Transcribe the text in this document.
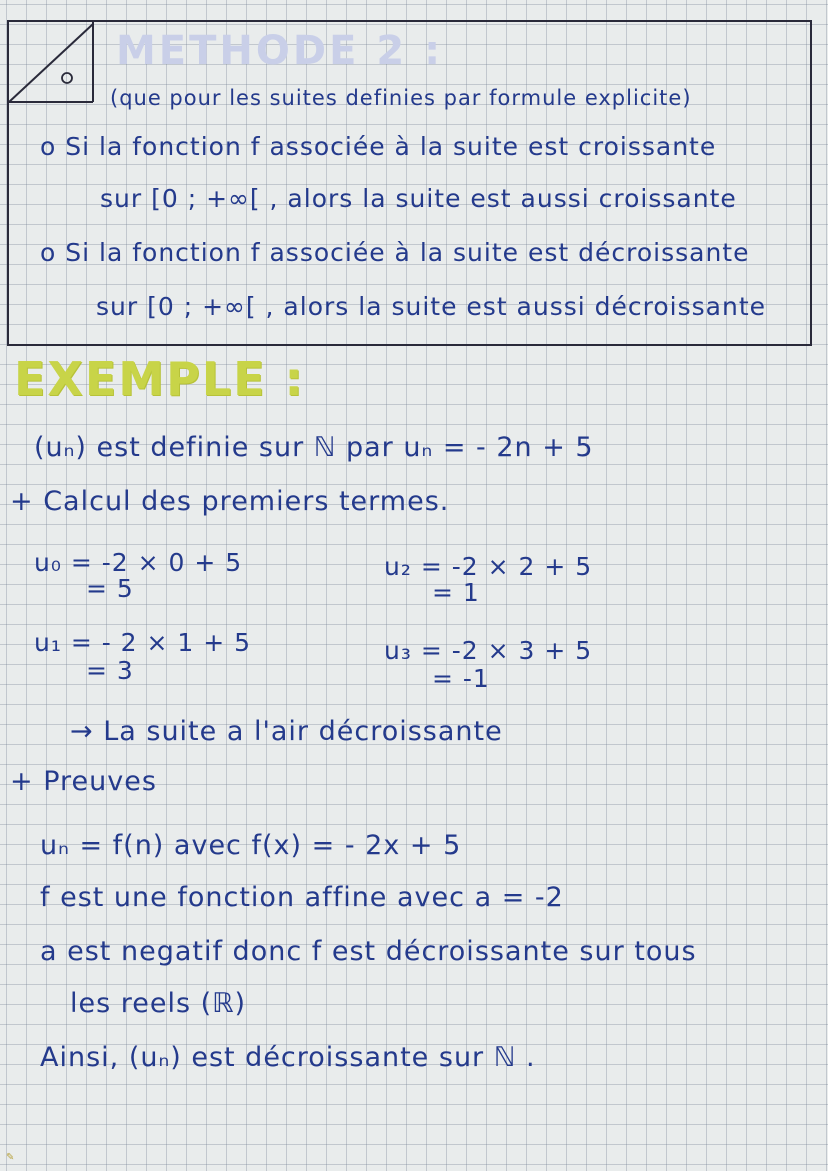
METHODE 2 :
(que pour les suites definies par formule explicite)
o Si la fonction f associée à la suite est croissante
sur [0 ; +∞[ , alors la suite est aussi croissante
o Si la fonction f associée à la suite est décroissante
sur [0 ; +∞[ , alors la suite est aussi décroissante
EXEMPLE :
(uₙ) est definie sur ℕ par uₙ = - 2n + 5
+ Calcul des premiers termes.
u₀ = -2 × 0 + 5
= 5
u₂ = -2 × 2 + 5
= 1
u₁ = - 2 × 1 + 5
= 3
u₃ = -2 × 3 + 5
= -1
→ La suite a l'air décroissante
+ Preuves
uₙ = f(n) avec f(x) = - 2x + 5
f est une fonction affine avec a = -2
a est negatif donc f est décroissante sur tous
les reels (ℝ)
Ainsi, (uₙ) est décroissante sur ℕ .
✎
